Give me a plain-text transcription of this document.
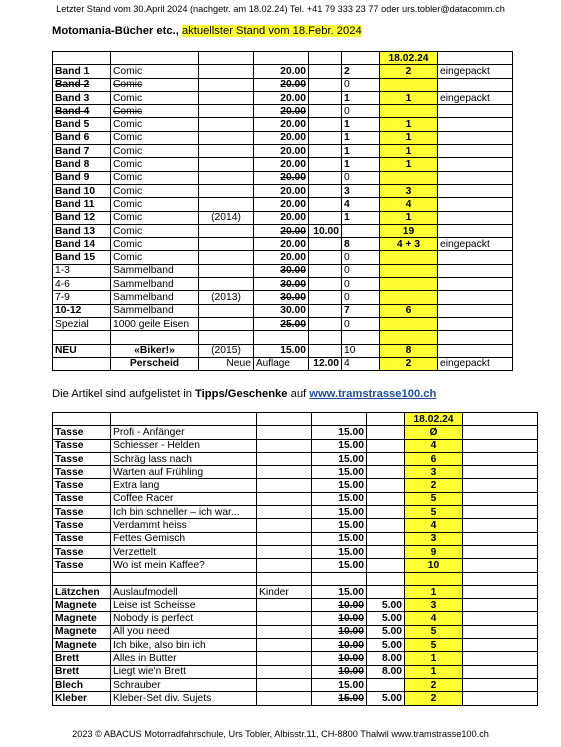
Letzter Stand vom 30.April 2024 (nachgetr. am 18.02.24) Tel. +41 79 333 23 77 oder urs.tobler@datacomm.ch
Motomania-Bücher etc., aktuellster Stand vom 18.Febr. 2024
						18.02.24	
Band 1	Comic		20.00		2	2	eingepackt
Band 2	Comic		20.00		0		
Band 3	Comic		20.00		1	1	eingepackt
Band 4	Comic		20.00		0		
Band 5	Comic		20.00		1	1	
Band 6	Comic		20.00		1	1	
Band 7	Comic		20.00		1	1	
Band 8	Comic		20.00		1	1	
Band 9	Comic		20.00		0		
Band 10	Comic		20.00		3	3	
Band 11	Comic		20.00		4	4	
Band 12	Comic	(2014)	20.00		1	1	
Band 13	Comic		20.00	10.00		19	
Band 14	Comic		20.00		8	4 + 3	eingepackt
Band 15	Comic		20.00		0		
1-3	Sammelband		30.00		0		
4-6	Sammelband		30.00		0		
7-9	Sammelband	(2013)	30.00		0		
10-12	Sammelband		30.00		7	6	
Spezial	1000 geile Eisen		25.00		0		

NEU	«Biker!»	(2015)	15.00		10	8	
	Perscheid	Neue	Auflage	12.00	4	2	eingepackt
Die Artikel sind aufgelistet in Tipps/Geschenke auf www.tramstrasse100.ch
					18.02.24	
Tasse	Profi - Anfänger		15.00		Ø	
Tasse	Schiesser - Helden		15.00		4	
Tasse	Schräg lass nach		15.00		6	
Tasse	Warten auf Frühling		15.00		3	
Tasse	Extra lang		15.00		2	
Tasse	Coffee Racer		15.00		5	
Tasse	Ich bin schneller – ich war...		15.00		5	
Tasse	Verdammt heiss		15.00		4	
Tasse	Fettes Gemisch		15.00		3	
Tasse	Verzettelt		15.00		9	
Tasse	Wo ist mein Kaffee?		15.00		10	

Lätzchen	Auslaufmodell	Kinder	15.00		1	
Magnete	Leise ist Scheisse		10.00	5.00	3	
Magnete	Nobody is perfect		10.00	5.00	4	
Magnete	All you need		10.00	5.00	5	
Magnete	Ich bike, also bin ich		10.00	5.00	5	
Brett	Alles in Butter		10.00	8.00	1	
Brett	Liegt wie'n Brett		10.00	8.00	1	
Blech	Schrauber		15.00		2	
Kleber	Kleber-Set div. Sujets		15.00	5.00	2	
2023 © ABACUS Motorradfahrschule, Urs Tobler, Albisstr.11, CH-8800 Thalwil www.tramstrasse100.ch
